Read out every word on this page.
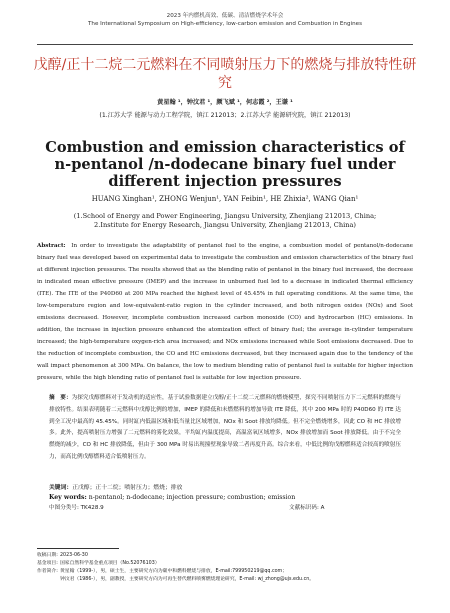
2023 年内燃机高效、低碳、清洁燃烧学术年会
The International Symposium on High-efficiency, low-carbon emission and Combustion in Engines
戊醇/正十二烷二元燃料在不同喷射压力下的燃烧与排放特性研究
黄星翰 ¹，钟汶君 ¹，颜飞斌 ¹，何志霞 ²，王谦 ¹
(1.江苏大学 能源与动力工程学院，镇江 212013；2.江苏大学 能源研究院，镇江 212013)
Combustion and emission characteristics of n-pentanol /n-dodecane binary fuel under different injection pressures
HUANG Xinghan¹, ZHONG Wenjun¹, YAN Feibin¹, HE Zhixia², WANG Qian¹
(1.School of Energy and Power Engineering, Jiangsu University, Zhenjiang 212013, China;
2.Institute for Energy Research, Jiangsu University, Zhenjiang 212013, China)
Abstract: In order to investigate the adaptability of pentanol fuel to the engine, a combustion model of pentanol/n-dodecane binary fuel was developed based on experimental data to investigate the combustion and emission characteristics of the binary fuel at different injection pressures. The results showed that as the blending ratio of pentanol in the binary fuel increased, the decrease in indicated mean effective pressure (IMEP) and the increase in unburned fuel led to a decrease in indicated thermal efficiency (ITE). The ITE of the P40D60 at 200 MPa reached the highest level of 45.45% in full operating conditions. At the same time, the low-temperature region and low-equivalent-ratio region in the cylinder increased, and both nitrogen oxides (NOx) and Soot emissions decreased. However, incomplete combustion increased carbon monoxide (CO) and hydrocarbon (HC) emissions. In addition, the increase in injection pressure enhanced the atomization effect of binary fuel; the average in-cylinder temperature increased; the high-temperature oxygen-rich area increased; and NOx emissions increased while Soot emissions decreased. Due to the reduction of incomplete combustion, the CO and HC emissions decreased, but they increased again due to the tendency of the wall impact phenomenon at 300 MPa. On balance, the low to medium blending ratio of pentanol fuel is suitable for higher injection pressure, while the high blending ratio of pentanol fuel is suitable for low injection pressure.
摘　要：为探究戊醇燃料对于发动机的适应性，基于试验数据建立戊醇/正十二烷二元燃料的燃烧模型，探究不同喷射压力下二元燃料的燃烧与排放特性。结果表明随着二元燃料中戊醇比例的增加，IMEP 的降低和未燃燃料的增加导致 ITE 降低，其中 200 MPa 时的 P40D60 的 ITE 达到全工况中最高的 45.45%。同时缸内低温区域和低当量比区域增加，NOx 和 Soot 排放均降低。但不完全燃烧增多，因此 CO 和 HC 排放增多。此外，提高喷射压力增强了二元燃料的雾化效果，平均缸内温度提高，高温富氧区域增多，NOx 排放增加而 Soot 排放降低。由于不完全燃烧的减少，CO 和 HC 排放降低，但由于 300 MPa 时易出现撞壁现象导致二者再度升高。综合来看，中低比例的戊醇燃料适合较高的喷射压力，而高比例戊醇燃料适合低喷射压力。
关键词：正戊醇；正十二烷；喷射压力；燃烧；排放
Key words: n-pentanol; n-dodecane; injection pressure; combustion; emission
中图分类号: TK428.9	文献标识码: A
收稿日期: 2023-06-30
基金项目: 国家自然科学基金重点项目（No.52076103）
作者简介: 黄星翰（1999-），男，硕士生，主要研究方向为碳中和燃料燃烧与排放，E-mail:799950219@qq.com；
钟汶君（1986-），男，副教授，主要研究方向为可再生替代燃料喷雾燃烧理论研究，E-mail: wj_zhong@ujs.edu.cn。
